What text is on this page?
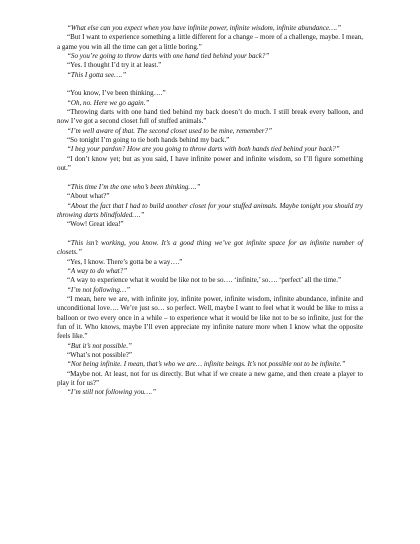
“What else can you expect when you have infinite power, infinite wisdom, infinite abundance….”
“But I want to experience something a little different for a change – more of a challenge, maybe. I mean, a game you win all the time can get a little boring.”
“So you’re going to throw darts with one hand tied behind your back?”
“Yes. I thought I’d try it at least.”
“This I gotta see….”
“You know, I’ve been thinking….”
“Oh, no. Here we go again.”
“Throwing darts with one hand tied behind my back doesn’t do much. I still break every balloon, and now I’ve got a second closet full of stuffed animals.”
“I’m well aware of that. The second closet used to be mine, remember?”
“So tonight I’m going to tie both hands behind my back.”
“I beg your pardon? How are you going to throw darts with both hands tied behind your back?”
“I don’t know yet; but as you said, I have infinite power and infinite wisdom, so I’ll figure something out.”
“This time I’m the one who’s been thinking….”
“About what?”
“About the fact that I had to build another closet for your stuffed animals. Maybe tonight you should try throwing darts blindfolded….”
“Wow! Great idea!”
“This isn’t working, you know. It’s a good thing we’ve got infinite space for an infinite number of closets.”
“Yes, I know. There’s gotta be a way….”
“A way to do what?”
“A way to experience what it would be like not to be so…. ‘infinite,’ so…. ‘perfect’ all the time.”
“I’m not following…”
“I mean, here we are, with infinite joy, infinite power, infinite wisdom, infinite abundance, infinite and unconditional love…. We’re just so… so perfect. Well, maybe I want to feel what it would be like to miss a balloon or two every once in a while – to experience what it would be like not to be so infinite, just for the fun of it. Who knows, maybe I’ll even appreciate my infinite nature more when I know what the opposite feels like.”
“But it’s not possible.”
“What’s not possible?”
“Not being infinite. I mean, that’s who we are… infinite beings. It’s not possible not to be infinite.”
“Maybe not. At least, not for us directly. But what if we create a new game, and then create a player to play it for us?”
“I’m still not following you….”
